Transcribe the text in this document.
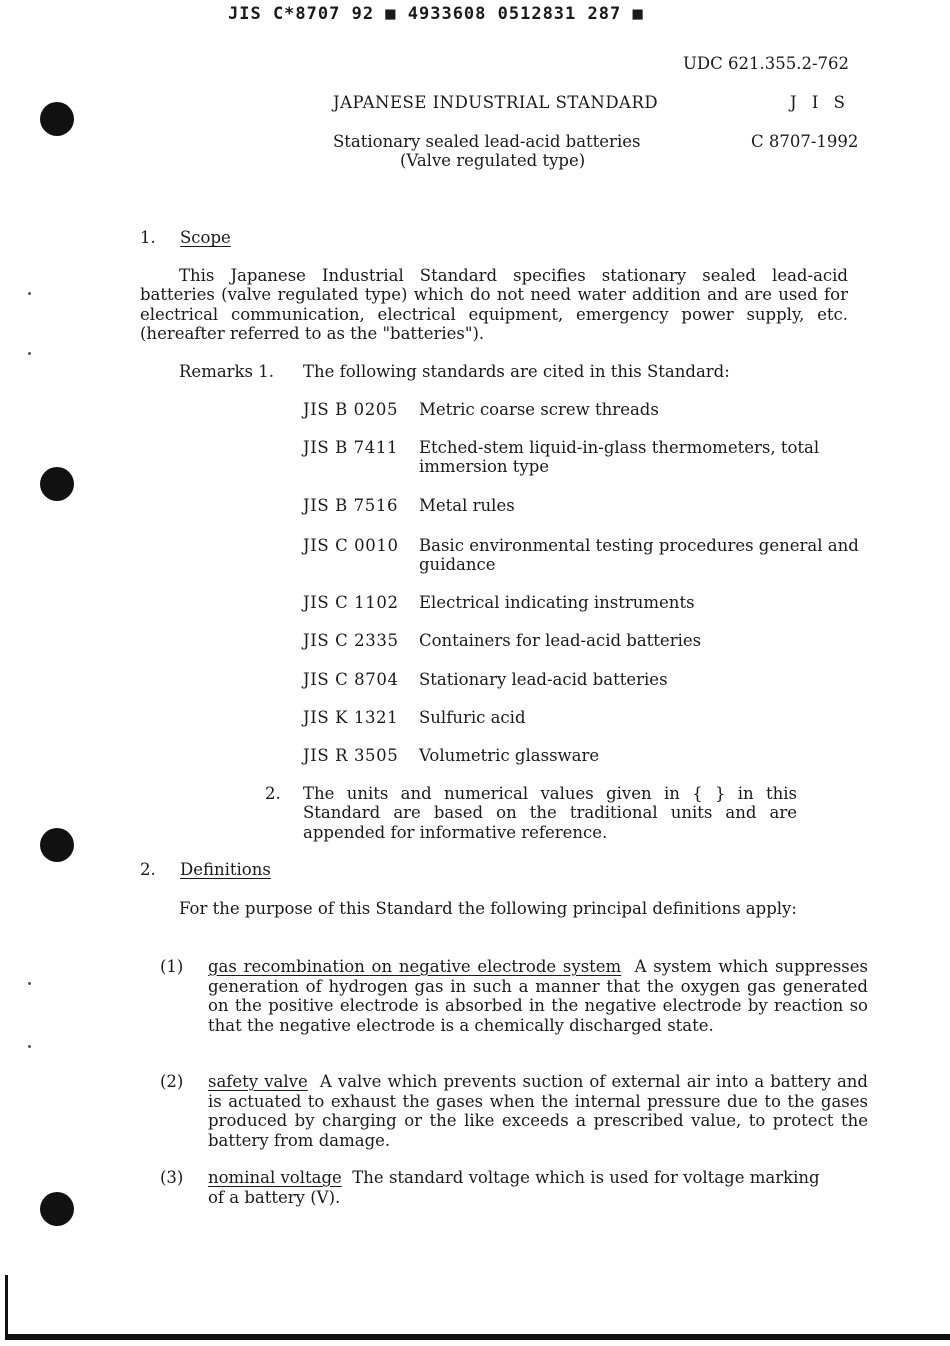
JIS C*8707 92 ■ 4933608 0512831 287 ■
UDC 621.355.2-762
JAPANESE INDUSTRIAL STANDARD	J I S
Stationary sealed lead-acid batteries
(Valve regulated type)
C 8707-1992
1. Scope
This Japanese Industrial Standard specifies stationary sealed lead-acid batteries (valve regulated type) which do not need water addition and are used for electrical communication, electrical equipment, emergency power supply, etc. (hereafter referred to as the "batteries").
Remarks 1. The following standards are cited in this Standard:
JIS B 0205 Metric coarse screw threads
JIS B 7411 Etched-stem liquid-in-glass thermometers, total immersion type
JIS B 7516 Metal rules
JIS C 0010 Basic environmental testing procedures general and guidance
JIS C 1102 Electrical indicating instruments
JIS C 2335 Containers for lead-acid batteries
JIS C 8704 Stationary lead-acid batteries
JIS K 1321 Sulfuric acid
JIS R 3505 Volumetric glassware
2. The units and numerical values given in { } in this Standard are based on the traditional units and are appended for informative reference.
2. Definitions
For the purpose of this Standard the following principal definitions apply:
(1) gas recombination on negative electrode system A system which suppresses generation of hydrogen gas in such a manner that the oxygen gas generated on the positive electrode is absorbed in the negative electrode by reaction so that the negative electrode is a chemically discharged state.
(2) safety valve A valve which prevents suction of external air into a battery and is actuated to exhaust the gases when the internal pressure due to the gases produced by charging or the like exceeds a prescribed value, to protect the battery from damage.
(3) nominal voltage The standard voltage which is used for voltage marking of a battery (V).
